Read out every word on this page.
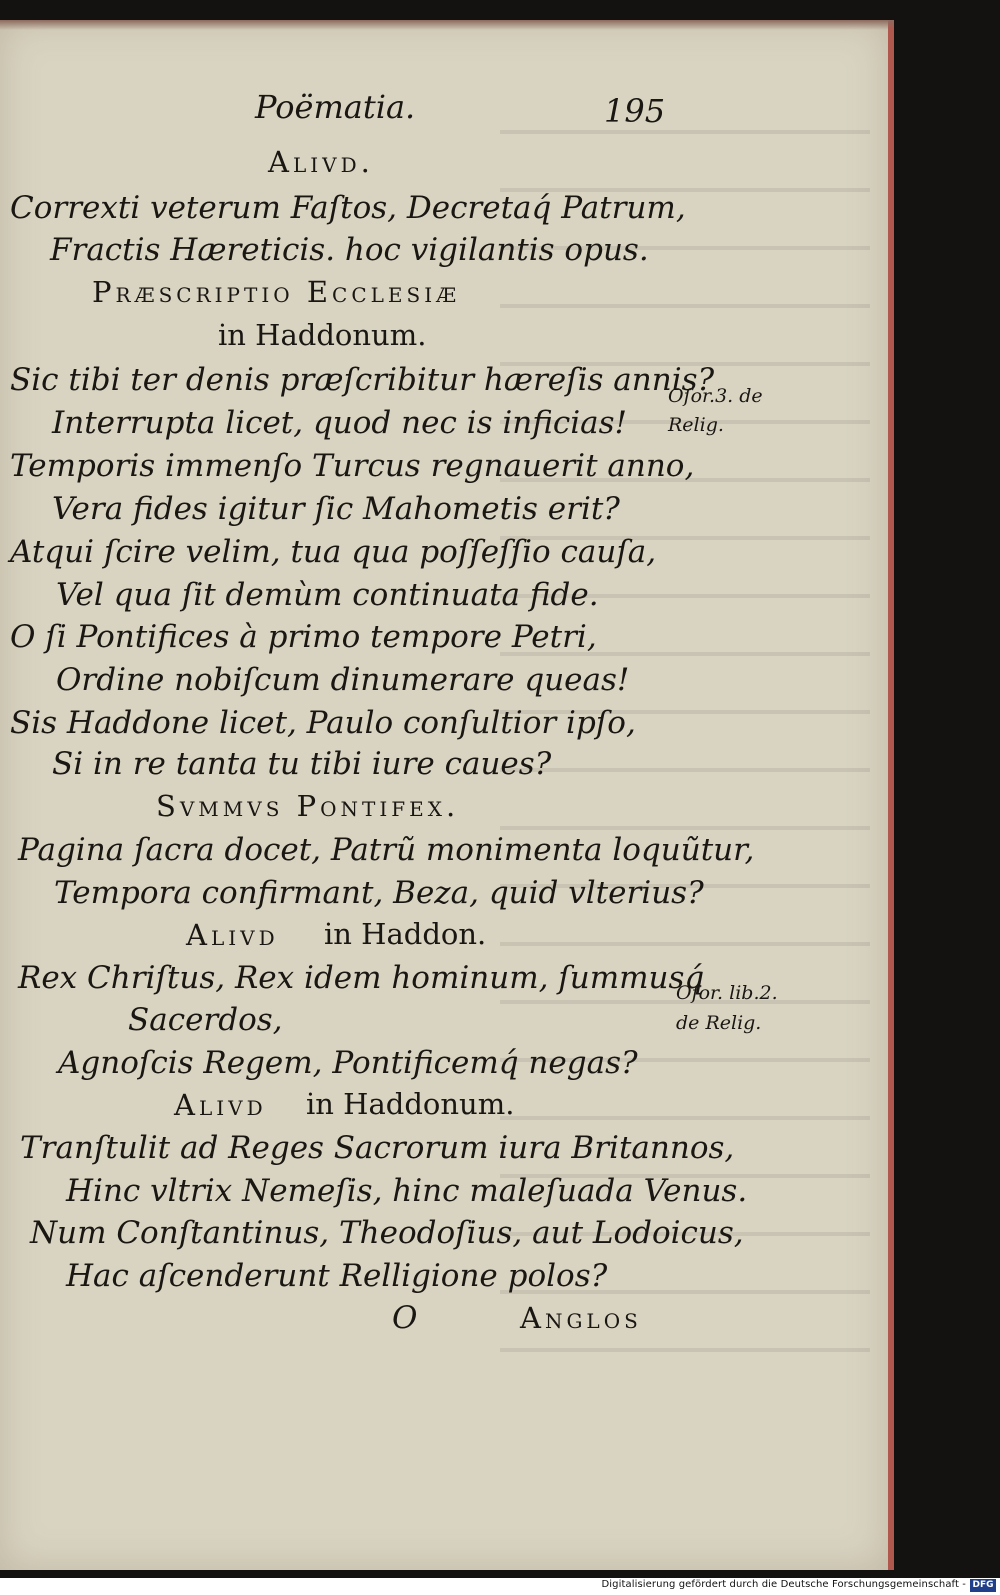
Poëmatia.	195
Alivd.
Correxti veterum Faſtos, Decretaq́ Patrum,
Fractis Hæreticis. hoc vigilantis opus.
Præscriptio Ecclesiæ
in Haddonum.
Sic tibi ter denis præſcribitur hæreſis annis?
Interrupta licet, quod nec is inficias!
Temporis immenſo Turcus regnauerit anno,
Vera fides igitur ſic Mahometis erit?
Atqui ſcire velim, tua qua poſſeſſio cauſa,
Vel qua ſit demùm continuata fide.
O ſi Pontifices à primo tempore Petri,
Ordine nobiſcum dinumerare queas!
Sis Haddone licet, Paulo conſultior ipſo,
Si in re tanta tu tibi iure caues?
Svmmvs Pontifex.
Pagina ſacra docet, Patrũ monimenta loquũtur,
Tempora confirmant, Beza, quid vlterius?
Alivd in Haddon.
Rex Chriſtus, Rex idem hominum, ſummusq́
Sacerdos,
Agnoſcis Regem, Pontificemq́ negas?
Alivd in Haddonum.
Tranſtulit ad Reges Sacrorum iura Britannos,
Hinc vltrix Nemeſis, hinc maleſuada Venus.
Num Conſtantinus, Theodoſius, aut Lodoicus,
Hac aſcenderunt Relligione polos?
O	Anglos
Oſor.3. de
Relig.
Oſor. lib.2.
de Relig.
Digitalisierung gefördert durch die Deutsche Forschungsgemeinschaft - DFG
